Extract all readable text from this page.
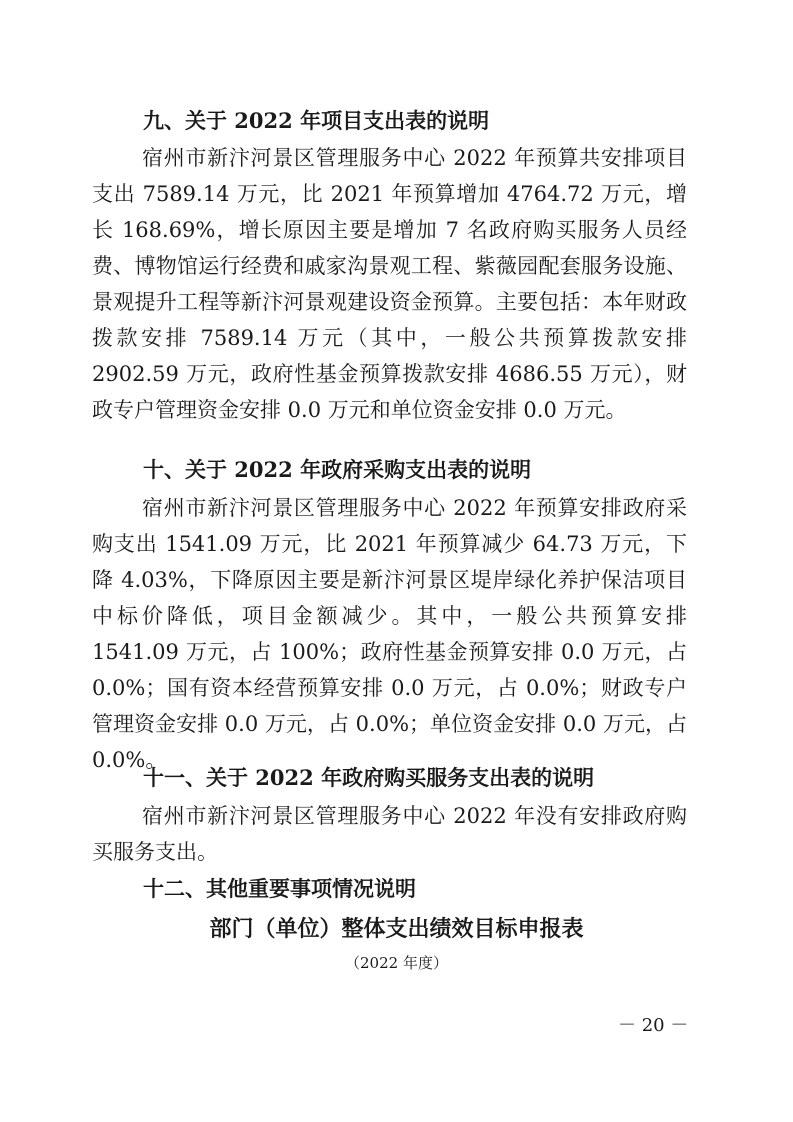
九、关于 2022 年项目支出表的说明
宿州市新汴河景区管理服务中心 2022 年预算共安排项目支出 7589.14 万元，比 2021 年预算增加 4764.72 万元，增长 168.69%，增长原因主要是增加 7 名政府购买服务人员经费、博物馆运行经费和戚家沟景观工程、紫薇园配套服务设施、景观提升工程等新汴河景观建设资金预算。主要包括：本年财政拨款安排 7589.14 万元（其中，一般公共预算拨款安排 2902.59 万元，政府性基金预算拨款安排 4686.55 万元），财政专户管理资金安排 0.0 万元和单位资金安排 0.0 万元。
十、关于 2022 年政府采购支出表的说明
宿州市新汴河景区管理服务中心 2022 年预算安排政府采购支出 1541.09 万元，比 2021 年预算减少 64.73 万元，下降 4.03%，下降原因主要是新汴河景区堤岸绿化养护保洁项目中标价降低，项目金额减少。其中，一般公共预算安排 1541.09 万元，占 100%；政府性基金预算安排 0.0 万元，占 0.0%；国有资本经营预算安排 0.0 万元，占 0.0%；财政专户管理资金安排 0.0 万元，占 0.0%；单位资金安排 0.0 万元，占 0.0%。
十一、关于 2022 年政府购买服务支出表的说明
宿州市新汴河景区管理服务中心 2022 年没有安排政府购买服务支出。
十二、其他重要事项情况说明
部门（单位）整体支出绩效目标申报表
（2022 年度）
－ 20 －
